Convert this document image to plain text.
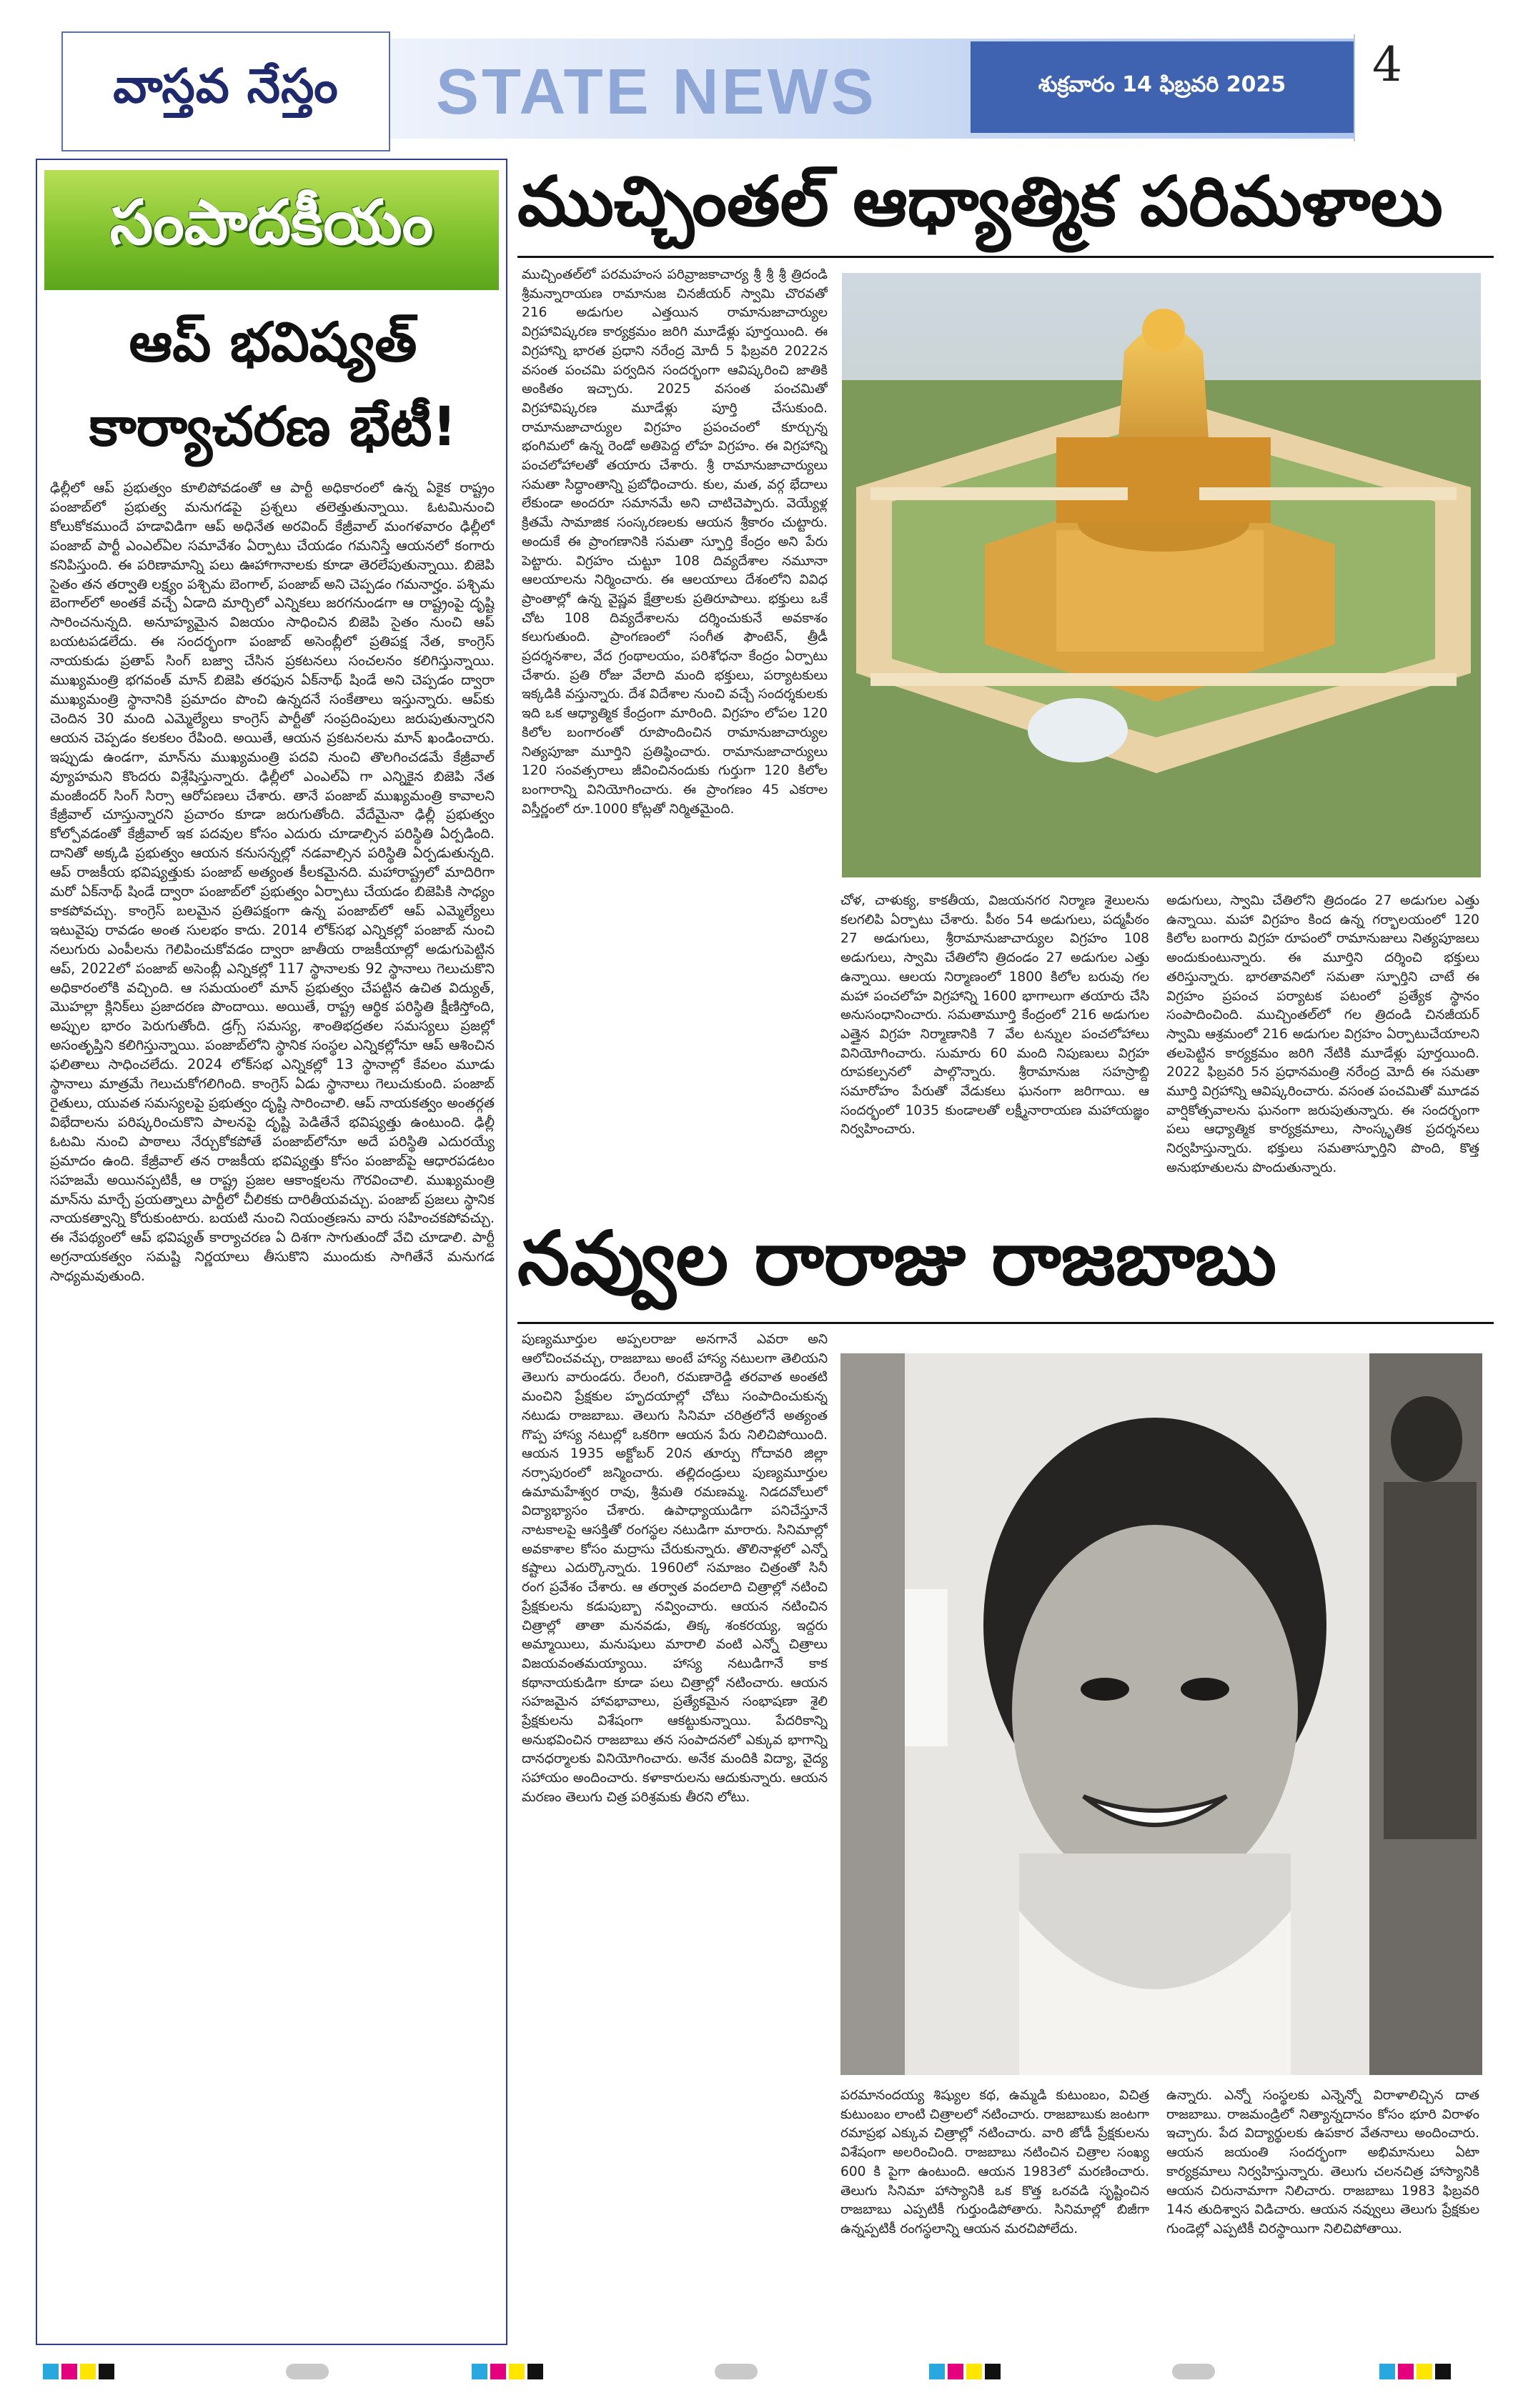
వాస్తవ నేస్తం STATE NEWS	శుక్రవారం 14 ఫిబ్రవరి 2025 4
సంపాదకీయం
ఆప్ భవిష్యత్
కార్యాచరణ భేటీ!
ఢిల్లీలో ఆప్ ప్రభుత్వం కూలిపోవడంతో ఆ పార్టీ అధికారంలో ఉన్న ఏకైక రాష్ట్రం పంజాబ్‌లో ప్రభుత్వ మనుగడపై ప్రశ్నలు తలెత్తుతున్నాయి. ఓటమినుంచి కోలుకోకముందే హడావిడిగా ఆప్ అధినేత అరవింద్ కేజ్రీవాల్ మంగళవారం ఢిల్లీలో పంజాబ్ పార్టీ ఎంఎల్ఏల సమావేశం ఏర్పాటు చేయడం గమనిస్తే ఆయనలో కంగారు కనిపిస్తుంది. ఈ పరిణామాన్ని పలు ఊహాగానాలకు కూడా తెరలేపుతున్నాయి. బిజెపి సైతం తన తర్వాతి లక్ష్యం పశ్చిమ బెంగాల్, పంజాబ్ అని చెప్పడం గమనార్హం. పశ్చిమ బెంగాల్‌లో అంతకే వచ్చే ఏడాది మార్చిలో ఎన్నికలు జరగనుండగా ఆ రాష్ట్రంపై దృష్టి సారించనున్నది. అనూహ్యమైన విజయం సాధించిన బిజెపి సైతం నుంచి ఆప్ బయటపడలేదు. ఈ సందర్భంగా పంజాబ్ అసెంబ్లీలో ప్రతిపక్ష నేత, కాంగ్రెస్ నాయకుడు ప్రతాప్ సింగ్ బజ్వా చేసిన ప్రకటనలు సంచలనం కలిగిస్తున్నాయి. ముఖ్యమంత్రి భగవంత్ మాన్ బిజెపి తరఫున ఏక్‌నాథ్ షిండే అని చెప్పడం ద్వారా ముఖ్యమంత్రి స్థానానికి ప్రమాదం పొంచి ఉన్నదనే సంకేతాలు ఇస్తున్నారు. ఆప్‌కు చెందిన 30 మంది ఎమ్మెల్యేలు కాంగ్రెస్ పార్టీతో సంప్రదింపులు జరుపుతున్నారని ఆయన చెప్పడం కలకలం రేపింది. అయితే, ఆయన ప్రకటనలను మాన్ ఖండించారు. ఇప్పుడు ఉండగా, మాన్‌ను ముఖ్యమంత్రి పదవి నుంచి తొలగించడమే కేజ్రీవాల్ వ్యూహమని కొందరు విశ్లేషిస్తున్నారు. ఢిల్లీలో ఎంఎల్ఏ గా ఎన్నికైన బిజెపి నేత మంజీందర్ సింగ్ సిర్సా ఆరోపణలు చేశారు. తానే పంజాబ్ ముఖ్యమంత్రి కావాలని కేజ్రీవాల్ చూస్తున్నారని ప్రచారం కూడా జరుగుతోంది. వేదేమైనా ఢిల్లీ ప్రభుత్వం కోల్పోవడంతో కేజ్రీవాల్ ఇక పదవుల కోసం ఎదురు చూడాల్సిన పరిస్థితి ఏర్పడింది. దానితో అక్కడి ప్రభుత్వం ఆయన కనుసన్నల్లో నడవాల్సిన పరిస్థితి ఏర్పడుతున్నది. ఆప్ రాజకీయ భవిష్యత్తుకు పంజాబ్ అత్యంత కీలకమైనది. మహారాష్ట్రలో మాదిరిగా మరో ఏక్‌నాథ్ షిండే ద్వారా పంజాబ్‌లో ప్రభుత్వం ఏర్పాటు చేయడం బిజెపికి సాధ్యం కాకపోవచ్చు. కాంగ్రెస్ బలమైన ప్రతిపక్షంగా ఉన్న పంజాబ్‌లో ఆప్ ఎమ్మెల్యేలు ఇటువైపు రావడం అంత సులభం కాదు. 2014 లోక్‌సభ ఎన్నికల్లో పంజాబ్ నుంచి నలుగురు ఎంపీలను గెలిపించుకోవడం ద్వారా జాతీయ రాజకీయాల్లో అడుగుపెట్టిన ఆప్, 2022లో పంజాబ్ అసెంబ్లీ ఎన్నికల్లో 117 స్థానాలకు 92 స్థానాలు గెలుచుకొని అధికారంలోకి వచ్చింది. ఆ సమయంలో మాన్ ప్రభుత్వం చేపట్టిన ఉచిత విద్యుత్, మొహల్లా క్లినిక్‌లు ప్రజాదరణ పొందాయి. అయితే, రాష్ట్ర ఆర్థిక పరిస్థితి క్షీణిస్తోంది, అప్పుల భారం పెరుగుతోంది. డ్రగ్స్ సమస్య, శాంతిభద్రతల సమస్యలు ప్రజల్లో అసంతృప్తిని కలిగిస్తున్నాయి. పంజాబ్‌లోని స్థానిక సంస్థల ఎన్నికల్లోనూ ఆప్ ఆశించిన ఫలితాలు సాధించలేదు. 2024 లోక్‌సభ ఎన్నికల్లో 13 స్థానాల్లో కేవలం మూడు స్థానాలు మాత్రమే గెలుచుకోగలిగింది. కాంగ్రెస్ ఏడు స్థానాలు గెలుచుకుంది. పంజాబ్ రైతులు, యువత సమస్యలపై ప్రభుత్వం దృష్టి సారించాలి. ఆప్ నాయకత్వం అంతర్గత విభేదాలను పరిష్కరించుకొని పాలనపై దృష్టి పెడితేనే భవిష్యత్తు ఉంటుంది. ఢిల్లీ ఓటమి నుంచి పాఠాలు నేర్చుకోకపోతే పంజాబ్‌లోనూ అదే పరిస్థితి ఎదురయ్యే ప్రమాదం ఉంది. కేజ్రీవాల్ తన రాజకీయ భవిష్యత్తు కోసం పంజాబ్‌పై ఆధారపడటం సహజమే అయినప్పటికీ, ఆ రాష్ట్ర ప్రజల ఆకాంక్షలను గౌరవించాలి. ముఖ్యమంత్రి మాన్‌ను మార్చే ప్రయత్నాలు పార్టీలో చీలికకు దారితీయవచ్చు. పంజాబ్ ప్రజలు స్థానిక నాయకత్వాన్ని కోరుకుంటారు. బయటి నుంచి నియంత్రణను వారు సహించకపోవచ్చు. ఈ నేపథ్యంలో ఆప్ భవిష్యత్ కార్యాచరణ ఏ దిశగా సాగుతుందో వేచి చూడాలి. పార్టీ అగ్రనాయకత్వం సమష్టి నిర్ణయాలు తీసుకొని ముందుకు సాగితేనే మనుగడ సాధ్యమవుతుంది.
ముచ్చింతల్ ఆధ్యాత్మిక పరిమళాలు
ముచ్చింతల్‌లో పరమహంస పరివ్రాజకాచార్య శ్రీ శ్రీ శ్రీ త్రిదండి శ్రీమన్నారాయణ రామానుజ చినజీయర్ స్వామి చొరవతో 216 అడుగుల ఎత్తయిన రామానుజాచార్యుల విగ్రహావిష్కరణ కార్యక్రమం జరిగి మూడేళ్లు పూర్తయింది. ఈ విగ్రహాన్ని భారత ప్రధాని నరేంద్ర మోదీ 5 ఫిబ్రవరి 2022న వసంత పంచమి పర్వదిన సందర్భంగా ఆవిష్కరించి జాతికి అంకితం ఇచ్చారు. 2025 వసంత పంచమితో విగ్రహావిష్కరణ మూడేళ్లు పూర్తి చేసుకుంది. రామానుజాచార్యుల విగ్రహం ప్రపంచంలో కూర్చున్న భంగిమలో ఉన్న రెండో అతిపెద్ద లోహ విగ్రహం. ఈ విగ్రహాన్ని పంచలోహాలతో తయారు చేశారు. శ్రీ రామానుజాచార్యులు సమతా సిద్ధాంతాన్ని ప్రబోధించారు. కుల, మత, వర్గ భేదాలు లేకుండా అందరూ సమానమే అని చాటిచెప్పారు. వెయ్యేళ్ల క్రితమే సామాజిక సంస్కరణలకు ఆయన శ్రీకారం చుట్టారు. అందుకే ఈ ప్రాంగణానికి సమతా స్ఫూర్తి కేంద్రం అని పేరు పెట్టారు. విగ్రహం చుట్టూ 108 దివ్యదేశాల నమూనా ఆలయాలను నిర్మించారు. ఈ ఆలయాలు దేశంలోని వివిధ ప్రాంతాల్లో ఉన్న వైష్ణవ క్షేత్రాలకు ప్రతిరూపాలు. భక్తులు ఒకే చోట 108 దివ్యదేశాలను దర్శించుకునే అవకాశం కలుగుతుంది. ప్రాంగణంలో సంగీత ఫౌంటెన్, త్రీడీ ప్రదర్శనశాల, వేద గ్రంథాలయం, పరిశోధనా కేంద్రం ఏర్పాటు చేశారు. ప్రతి రోజు వేలాది మంది భక్తులు, పర్యాటకులు ఇక్కడికి వస్తున్నారు. దేశ విదేశాల నుంచి వచ్చే సందర్శకులకు ఇది ఒక ఆధ్యాత్మిక కేంద్రంగా మారింది. విగ్రహం లోపల 120 కిలోల బంగారంతో రూపొందించిన రామానుజాచార్యుల నిత్యపూజా మూర్తిని ప్రతిష్ఠించారు. రామానుజాచార్యులు 120 సంవత్సరాలు జీవించినందుకు గుర్తుగా 120 కిలోల బంగారాన్ని వినియోగించారు. ఈ ప్రాంగణం 45 ఎకరాల విస్తీర్ణంలో రూ.1000 కోట్లతో నిర్మితమైంది.
చోళ, చాళుక్య, కాకతీయ, విజయనగర నిర్మాణ శైలులను కలగలిపి ఏర్పాటు చేశారు. పీఠం 54 అడుగులు, పద్మపీఠం 27 అడుగులు, శ్రీరామానుజాచార్యుల విగ్రహం 108 అడుగులు, స్వామి చేతిలోని త్రిదండం 27 అడుగుల ఎత్తు ఉన్నాయి. ఆలయ నిర్మాణంలో 1800 కిలోల బరువు గల మహా పంచలోహ విగ్రహాన్ని 1600 భాగాలుగా తయారు చేసి అనుసంధానించారు. సమతామూర్తి కేంద్రంలో 216 అడుగుల ఎత్తైన విగ్రహ నిర్మాణానికి 7 వేల టన్నుల పంచలోహాలు వినియోగించారు. సుమారు 60 మంది నిపుణులు విగ్రహ రూపకల్పనలో పాల్గొన్నారు. శ్రీరామానుజ సహస్రాబ్ది సమారోహం పేరుతో వేడుకలు ఘనంగా జరిగాయి. ఆ సందర్భంలో 1035 కుండాలతో లక్ష్మీనారాయణ మహాయజ్ఞం నిర్వహించారు.
అడుగులు, స్వామి చేతిలోని త్రిదండం 27 అడుగుల ఎత్తు ఉన్నాయి. మహా విగ్రహం కింద ఉన్న గర్భాలయంలో 120 కిలోల బంగారు విగ్రహ రూపంలో రామానుజులు నిత్యపూజలు అందుకుంటున్నారు. ఈ మూర్తిని దర్శించి భక్తులు తరిస్తున్నారు. భారతావనిలో సమతా స్ఫూర్తిని చాటే ఈ విగ్రహం ప్రపంచ పర్యాటక పటంలో ప్రత్యేక స్థానం సంపాదించింది. ముచ్చింతల్‌లో గల త్రిదండి చినజీయర్ స్వామి ఆశ్రమంలో 216 అడుగుల విగ్రహం ఏర్పాటుచేయాలని తలపెట్టిన కార్యక్రమం జరిగి నేటికి మూడేళ్లు పూర్తయింది. 2022 ఫిబ్రవరి 5న ప్రధానమంత్రి నరేంద్ర మోదీ ఈ సమతా మూర్తి విగ్రహాన్ని ఆవిష్కరించారు. వసంత పంచమితో మూడవ వార్షికోత్సవాలను ఘనంగా జరుపుతున్నారు. ఈ సందర్భంగా పలు ఆధ్యాత్మిక కార్యక్రమాలు, సాంస్కృతిక ప్రదర్శనలు నిర్వహిస్తున్నారు. భక్తులు సమతాస్ఫూర్తిని పొంది, కొత్త అనుభూతులను పొందుతున్నారు.
నవ్వుల రారాజు రాజబాబు
పుణ్యమూర్తుల అప్పలరాజు అనగానే ఎవరా అని ఆలోచించవచ్చు, రాజబాబు అంటే హాస్య నటులగా తెలియని తెలుగు వారుండరు. రేలంగి, రమణారెడ్డి తరవాత అంతటి మంచిని ప్రేక్షకుల హృదయాల్లో చోటు సంపాదించుకున్న నటుడు రాజబాబు. తెలుగు సినిమా చరిత్రలోనే అత్యంత గొప్ప హాస్య నటుల్లో ఒకరిగా ఆయన పేరు నిలిచిపోయింది. ఆయన 1935 అక్టోబర్ 20న తూర్పు గోదావరి జిల్లా నర్సాపురంలో జన్మించారు. తల్లిదండ్రులు పుణ్యమూర్తుల ఉమామహేశ్వర రావు, శ్రీమతి రమణమ్మ. నిడదవోలులో విద్యాభ్యాసం చేశారు. ఉపాధ్యాయుడిగా పనిచేస్తూనే నాటకాలపై ఆసక్తితో రంగస్థల నటుడిగా మారారు. సినిమాల్లో అవకాశాల కోసం మద్రాసు చేరుకున్నారు. తొలినాళ్లలో ఎన్నో కష్టాలు ఎదుర్కొన్నారు. 1960లో సమాజం చిత్రంతో సినీ రంగ ప్రవేశం చేశారు. ఆ తర్వాత వందలాది చిత్రాల్లో నటించి ప్రేక్షకులను కడుపుబ్బా నవ్వించారు. ఆయన నటించిన చిత్రాల్లో తాతా మనవడు, తిక్క శంకరయ్య, ఇద్దరు అమ్మాయిలు, మనుషులు మారాలి వంటి ఎన్నో చిత్రాలు విజయవంతమయ్యాయి. హాస్య నటుడిగానే కాక కథానాయకుడిగా కూడా పలు చిత్రాల్లో నటించారు. ఆయన సహజమైన హావభావాలు, ప్రత్యేకమైన సంభాషణా శైలి ప్రేక్షకులను విశేషంగా ఆకట్టుకున్నాయి. పేదరికాన్ని అనుభవించిన రాజబాబు తన సంపాదనలో ఎక్కువ భాగాన్ని దానధర్మాలకు వినియోగించారు. అనేక మందికి విద్యా, వైద్య సహాయం అందించారు. కళాకారులను ఆదుకున్నారు. ఆయన మరణం తెలుగు చిత్ర పరిశ్రమకు తీరని లోటు.
పరమానందయ్య శిష్యుల కథ, ఉమ్మడి కుటుంబం, విచిత్ర కుటుంబం లాంటి చిత్రాలలో నటించారు. రాజబాబుకు జంటగా రమాప్రభ ఎక్కువ చిత్రాల్లో నటించారు. వారి జోడీ ప్రేక్షకులను విశేషంగా అలరించింది. రాజబాబు నటించిన చిత్రాల సంఖ్య 600 కి పైగా ఉంటుంది. ఆయన 1983లో మరణించారు. తెలుగు సినిమా హాస్యానికి ఒక కొత్త ఒరవడి సృష్టించిన రాజబాబు ఎప్పటికీ గుర్తుండిపోతారు. సినిమాల్లో బిజీగా ఉన్నప్పటికీ రంగస్థలాన్ని ఆయన మరచిపోలేదు.
ఉన్నారు. ఎన్నో సంస్థలకు ఎన్నెన్నో విరాళాలిచ్చిన దాత రాజబాబు. రాజమండ్రిలో నిత్యాన్నదానం కోసం భూరి విరాళం ఇచ్చారు. పేద విద్యార్థులకు ఉపకార వేతనాలు అందించారు. ఆయన జయంతి సందర్భంగా అభిమానులు ఏటా కార్యక్రమాలు నిర్వహిస్తున్నారు. తెలుగు చలనచిత్ర హాస్యానికి ఆయన చిరునామాగా నిలిచారు. రాజబాబు 1983 ఫిబ్రవరి 14న తుదిశ్వాస విడిచారు. ఆయన నవ్వులు తెలుగు ప్రేక్షకుల గుండెల్లో ఎప్పటికీ చిరస్థాయిగా నిలిచిపోతాయి.
